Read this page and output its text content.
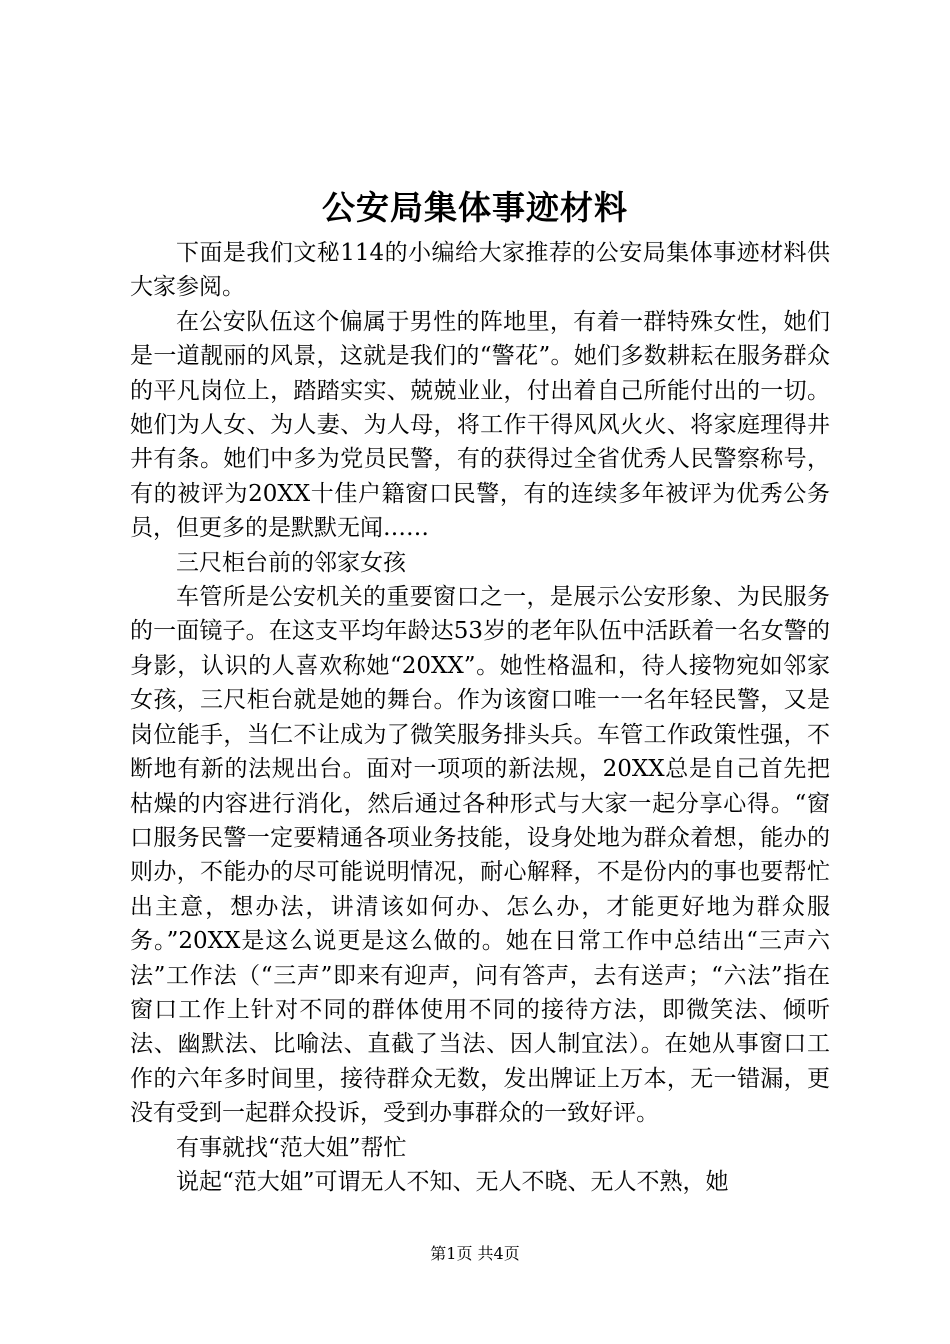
公安局集体事迹材料

下面是我们文秘114的小编给大家推荐的公安局集体事迹材料供大家参阅。

在公安队伍这个偏属于男性的阵地里，有着一群特殊女性，她们是一道靓丽的风景，这就是我们的“警花”。她们多数耕耘在服务群众的平凡岗位上，踏踏实实、兢兢业业，付出着自己所能付出的一切。她们为人女、为人妻、为人母，将工作干得风风火火、将家庭理得井井有条。她们中多为党员民警，有的获得过全省优秀人民警察称号，有的被评为20XX十佳户籍窗口民警，有的连续多年被评为优秀公务员，但更多的是默默无闻……

三尺柜台前的邻家女孩

车管所是公安机关的重要窗口之一，是展示公安形象、为民服务的一面镜子。在这支平均年龄达53岁的老年队伍中活跃着一名女警的身影，认识的人喜欢称她“20XX”。她性格温和，待人接物宛如邻家女孩，三尺柜台就是她的舞台。作为该窗口唯一一名年轻民警，又是岗位能手，当仁不让成为了微笑服务排头兵。车管工作政策性强，不断地有新的法规出台。面对一项项的新法规，20XX总是自己首先把枯燥的内容进行消化，然后通过各种形式与大家一起分享心得。“窗口服务民警一定要精通各项业务技能，设身处地为群众着想，能办的则办，不能办的尽可能说明情况，耐心解释，不是份内的事也要帮忙出主意，想办法，讲清该如何办、怎么办，才能更好地为群众服务。”20XX是这么说更是这么做的。她在日常工作中总结出“三声六法”工作法（“三声”即来有迎声，问有答声，去有送声；“六法”指在窗口工作上针对不同的群体使用不同的接待方法，即微笑法、倾听法、幽默法、比喻法、直截了当法、因人制宜法）。在她从事窗口工作的六年多时间里，接待群众无数，发出牌证上万本，无一错漏，更没有受到一起群众投诉，受到办事群众的一致好评。

有事就找“范大姐”帮忙

说起“范大姐”可谓无人不知、无人不晓、无人不熟，她

第1页 共4页
